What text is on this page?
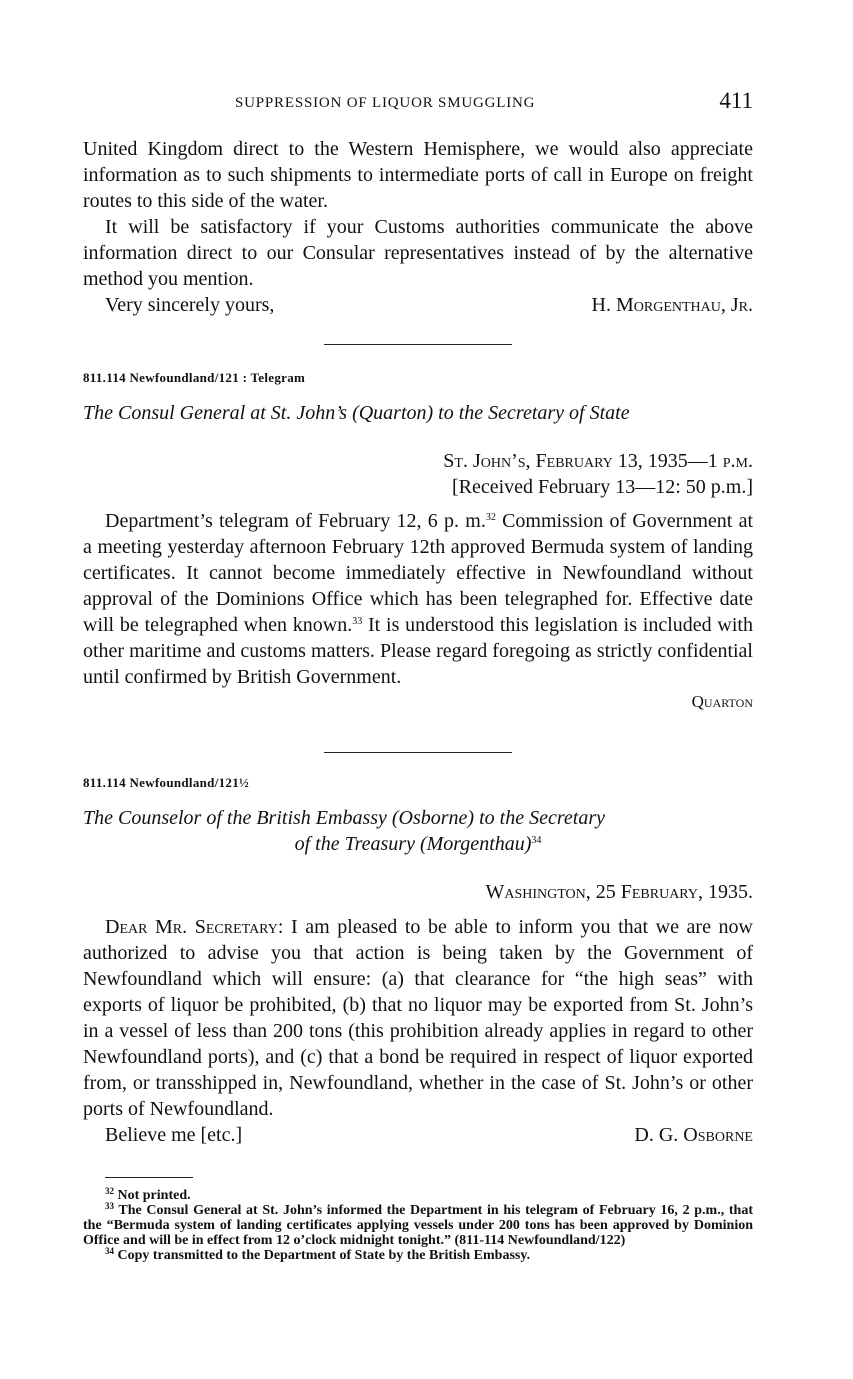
SUPPRESSION OF LIQUOR SMUGGLING	411

United Kingdom direct to the Western Hemisphere, we would also appreciate information as to such shipments to intermediate ports of call in Europe on freight routes to this side of the water.

It will be satisfactory if your Customs authorities communicate the above information direct to our Consular representatives instead of by the alternative method you mention.

Very sincerely yours,	H. Morgenthau, Jr.
811.114 Newfoundland/121 : Telegram
The Consul General at St. John’s (Quarton) to the Secretary of State
St. John’s, February 13, 1935—1 p.m.
[Received February 13—12: 50 p.m.]

Department’s telegram of February 12, 6 p. m.$^{32}$ Commission of Government at a meeting yesterday afternoon February 12th approved Bermuda system of landing certificates. It cannot become immediately effective in Newfoundland without approval of the Dominions Office which has been telegraphed for. Effective date will be telegraphed when known.$^{33}$ It is understood this legislation is included with other maritime and customs matters. Please regard foregoing as strictly confidential until confirmed by British Government.

Quarton
811.114 Newfoundland/121½
The Counselor of the British Embassy (Osborne) to the Secretary
of the Treasury (Morgenthau)$^{34}$
Washington, 25 February, 1935.

Dear Mr. Secretary: I am pleased to be able to inform you that we are now authorized to advise you that action is being taken by the Government of Newfoundland which will ensure: (a) that clearance for “the high seas” with exports of liquor be prohibited, (b) that no liquor may be exported from St. John’s in a vessel of less than 200 tons (this prohibition already applies in regard to other Newfoundland ports), and (c) that a bond be required in respect of liquor exported from, or transshipped in, Newfoundland, whether in the case of St. John’s or other ports of Newfoundland.

Believe me [etc.]	D. G. Osborne

$^{32}$ Not printed.

$^{33}$ The Consul General at St. John’s informed the Department in his telegram of February 16, 2 p.m., that the “Bermuda system of landing certificates applying vessels under 200 tons has been approved by Dominion Office and will be in effect from 12 o’clock midnight tonight.” (811-114 Newfoundland/122)

$^{34}$ Copy transmitted to the Department of State by the British Embassy.
